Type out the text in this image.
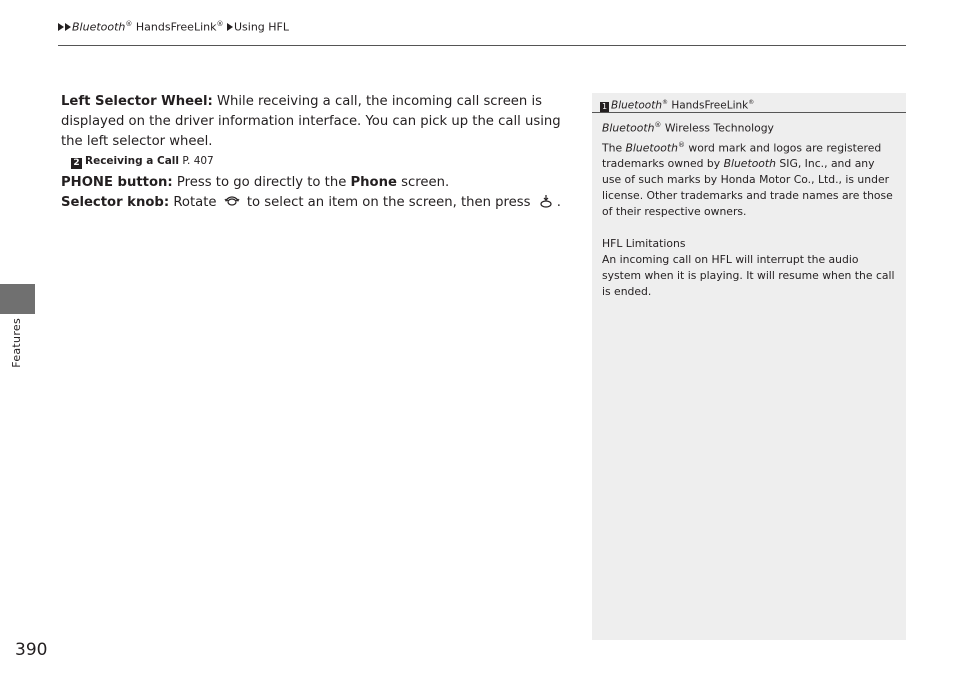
Bluetooth® HandsFreeLink® Using HFL
Features

Left Selector Wheel: While receiving a call, the incoming call screen is displayed on the driver information interface. You can pick up the call using the left selector wheel.

2 Receiving a Call P. 407

PHONE button: Press to go directly to the Phone screen.

Selector knob: Rotate  to select an item on the screen, then press .

1 Bluetooth® HandsFreeLink®

Bluetooth® Wireless Technology

The Bluetooth® word mark and logos are registered trademarks owned by Bluetooth SIG, Inc., and any use of such marks by Honda Motor Co., Ltd., is under license. Other trademarks and trade names are those of their respective owners.

HFL Limitations

An incoming call on HFL will interrupt the audio system when it is playing. It will resume when the call is ended.

390
